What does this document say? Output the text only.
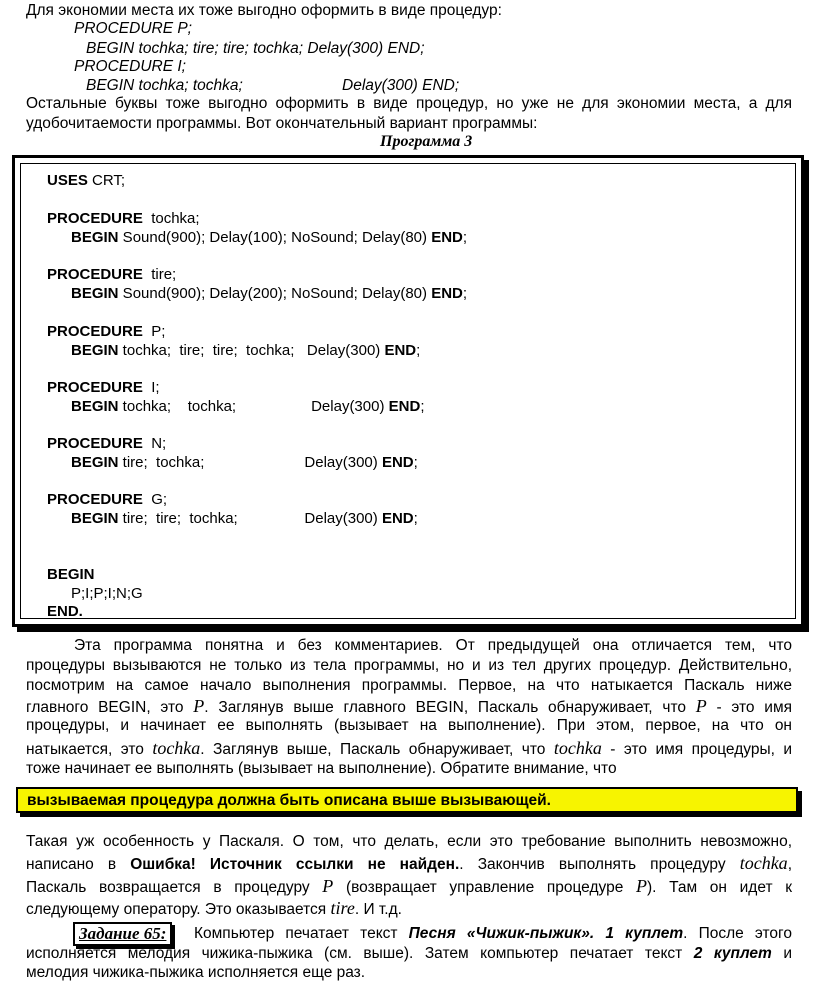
Для экономии места их тоже выгодно оформить в виде процедур:
PROCEDURE P;
BEGIN tochka; tire; tire; tochka; Delay(300) END;
PROCEDURE I;
BEGIN tochka; tochka;	Delay(300) END;
Остальные буквы тоже выгодно оформить в виде процедур, но уже не для экономии места, а для
удобочитаемости программы. Вот окончательный вариант программы:
Программа 3
USES CRT;
PROCEDURE  tochka;
BEGIN Sound(900); Delay(100); NoSound; Delay(80) END;
PROCEDURE  tire;
BEGIN Sound(900); Delay(200); NoSound; Delay(80) END;
PROCEDURE  P;
BEGIN tochka;  tire;  tire;  tochka;   Delay(300) END;
PROCEDURE  I;
BEGIN tochka;    tochka;                  Delay(300) END;
PROCEDURE  N;
BEGIN tire;  tochka;                        Delay(300) END;
PROCEDURE  G;
BEGIN tire;  tire;  tochka;                Delay(300) END;
BEGIN
P;I;P;I;N;G
END.
Эта программа понятна и без комментариев. От предыдущей она отличается тем, что
процедуры вызываются не только из тела программы, но и из тел других процедур. Действительно,
посмотрим на самое начало выполнения программы. Первое, на что натыкается Паскаль ниже
главного BEGIN, это P. Заглянув выше главного BEGIN, Паскаль обнаруживает, что P - это имя
процедуры, и начинает ее выполнять (вызывает на выполнение). При этом, первое, на что он
натыкается, это tochka. Заглянув выше, Паскаль обнаруживает, что tochka - это имя процедуры, и
тоже начинает ее выполнять (вызывает на выполнение). Обратите внимание, что
вызываемая процедура должна быть описана выше вызывающей.
Такая уж особенность у Паскаля. О том, что делать, если это требование выполнить невозможно,
написано в Ошибка! Источник ссылки не найден.. Закончив выполнять процедуру tochka,
Паскаль возвращается в процедуру P (возвращает управление процедуре P). Там он идет к
следующему оператору. Это оказывается tire. И т.д.
Задание 65:	Компьютер печатает текст Песня «Чижик-пыжик». 1 куплет. После этого
исполняется мелодия чижика-пыжика (см. выше). Затем компьютер печатает текст 2 куплет и
мелодия чижика-пыжика исполняется еще раз.
